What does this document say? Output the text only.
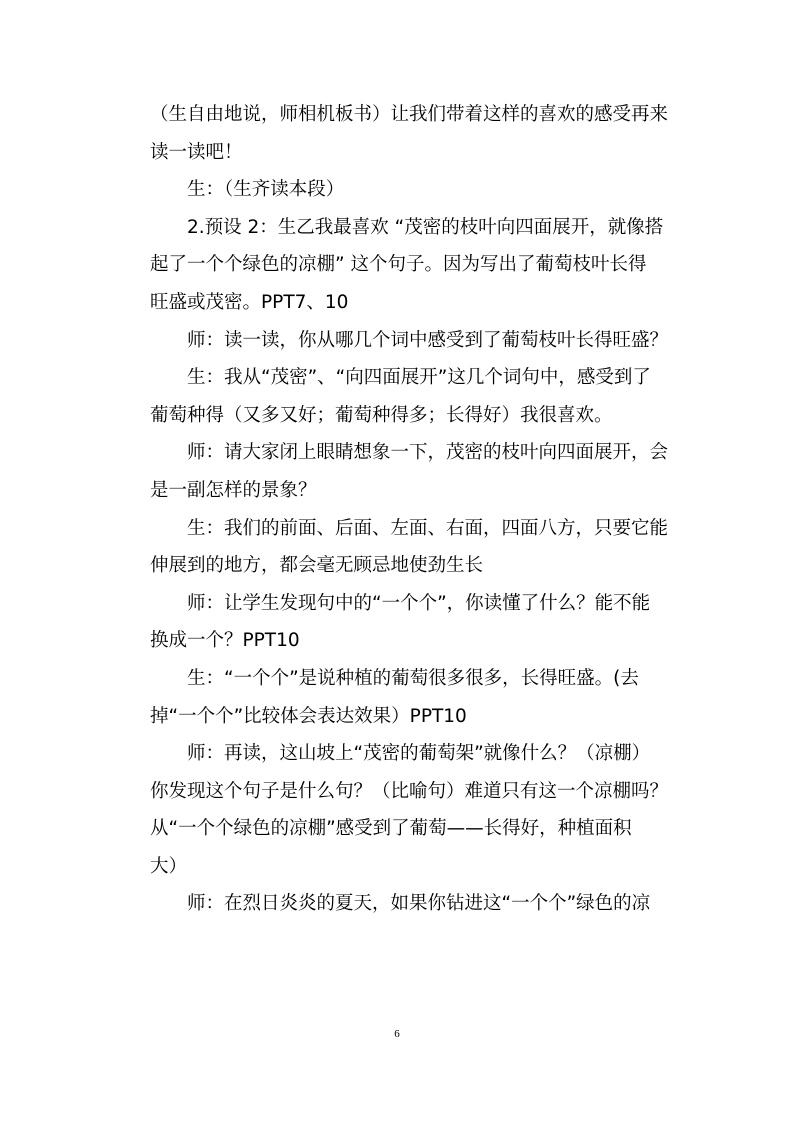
（生自由地说，师相机板书）让我们带着这样的喜欢的感受再来
读一读吧！

生：（生齐读本段）

2.预设 2：生乙我最喜欢 “茂密的枝叶向四面展开，就像搭
起了一个个绿色的凉棚” 这个句子。因为写出了葡萄枝叶长得
旺盛或茂密。PPT7、10

师：读一读，你从哪几个词中感受到了葡萄枝叶长得旺盛？

生：我从“茂密”、“向四面展开”这几个词句中，感受到了
葡萄种得（又多又好；葡萄种得多；长得好）我很喜欢。

师：请大家闭上眼睛想象一下，茂密的枝叶向四面展开，会
是一副怎样的景象？

生：我们的前面、后面、左面、右面，四面八方，只要它能
伸展到的地方，都会毫无顾忌地使劲生长

师：让学生发现句中的“一个个”，你读懂了什么？能不能
换成一个？PPT10

生：“一个个”是说种植的葡萄很多很多，长得旺盛。(去
掉“一个个”比较体会表达效果）PPT10

师：再读，这山坡上“茂密的葡萄架”就像什么？（凉棚）
你发现这个句子是什么句？（比喻句）难道只有这一个凉棚吗？
从“一个个绿色的凉棚”感受到了葡萄——长得好，种植面积
大）

师：在烈日炎炎的夏天，如果你钻进这“一个个”绿色的凉

6
